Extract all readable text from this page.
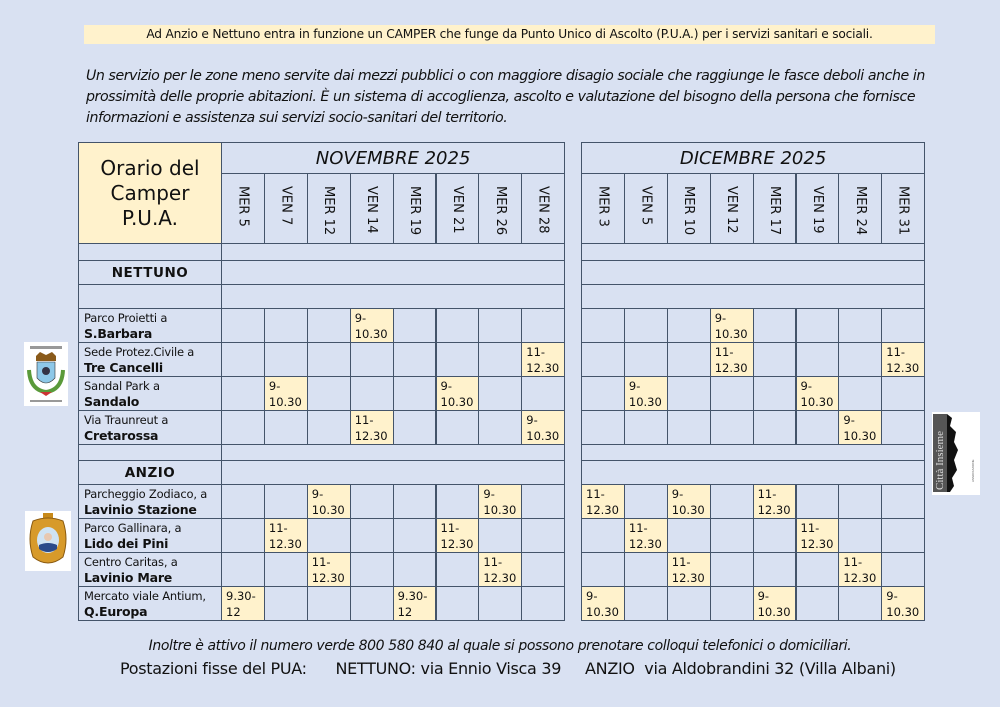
Ad Anzio e Nettuno entra in funzione un CAMPER che funge da Punto Unico di Ascolto (P.U.A.) per i servizi sanitari e sociali.
Un servizio per le zone meno servite dai mezzi pubblici o con maggiore disagio sociale che raggiunge le fasce deboli anche in prossimità delle proprie abitazioni. È un sistema di accoglienza, ascolto e valutazione del bisogno della persona che fornisce informazioni e assistenza sui servizi socio-sanitari del territorio.
Orario del
Camper
P.U.A.
NOVEMBRE 2025
MER 5 VEN 7 MER 12 VEN 14 MER 19 VEN 21 MER 26 VEN 28
DICEMBRE 2025
MER 3 VEN 5 MER 10 VEN 12 MER 17 VEN 19 MER 24 MER 31
NETTUNO
Parco Proietti a
S.Barbara
9-
10.30
9-
10.30
Sede Protez.Civile a
Tre Cancelli
11-
12.30
11-
12.30
11-
12.30
Sandal Park a
Sandalo
9-
10.30
9-
10.30
9-
10.30
9-
10.30
Via Traunreut a
Cretarossa
11-
12.30
9-
10.30
9-
10.30
ANZIO
Parcheggio Zodiaco, a
Lavinio Stazione
9-
10.30
9-
10.30
11-
12.30
9-
10.30
11-
12.30
Parco Gallinara, a
Lido dei Pini
11-
12.30
11-
12.30
11-
12.30
11-
12.30
Centro Caritas, a
Lavinio Mare
11-
12.30
11-
12.30
11-
12.30
11-
12.30
Mercato viale Antium,
Q.Europa
9.30-
12
9.30-
12
9-
10.30
9-
10.30
9-
10.30
Città Insieme	ASSOCIAZIONE
Inoltre è attivo il numero verde 800 580 840 al quale si possono prenotare colloqui telefonici o domiciliari.
Postazioni fisse del PUA: NETTUNO: via Ennio Visca 39 ANZIO  via Aldobrandini 32 (Villa Albani)
